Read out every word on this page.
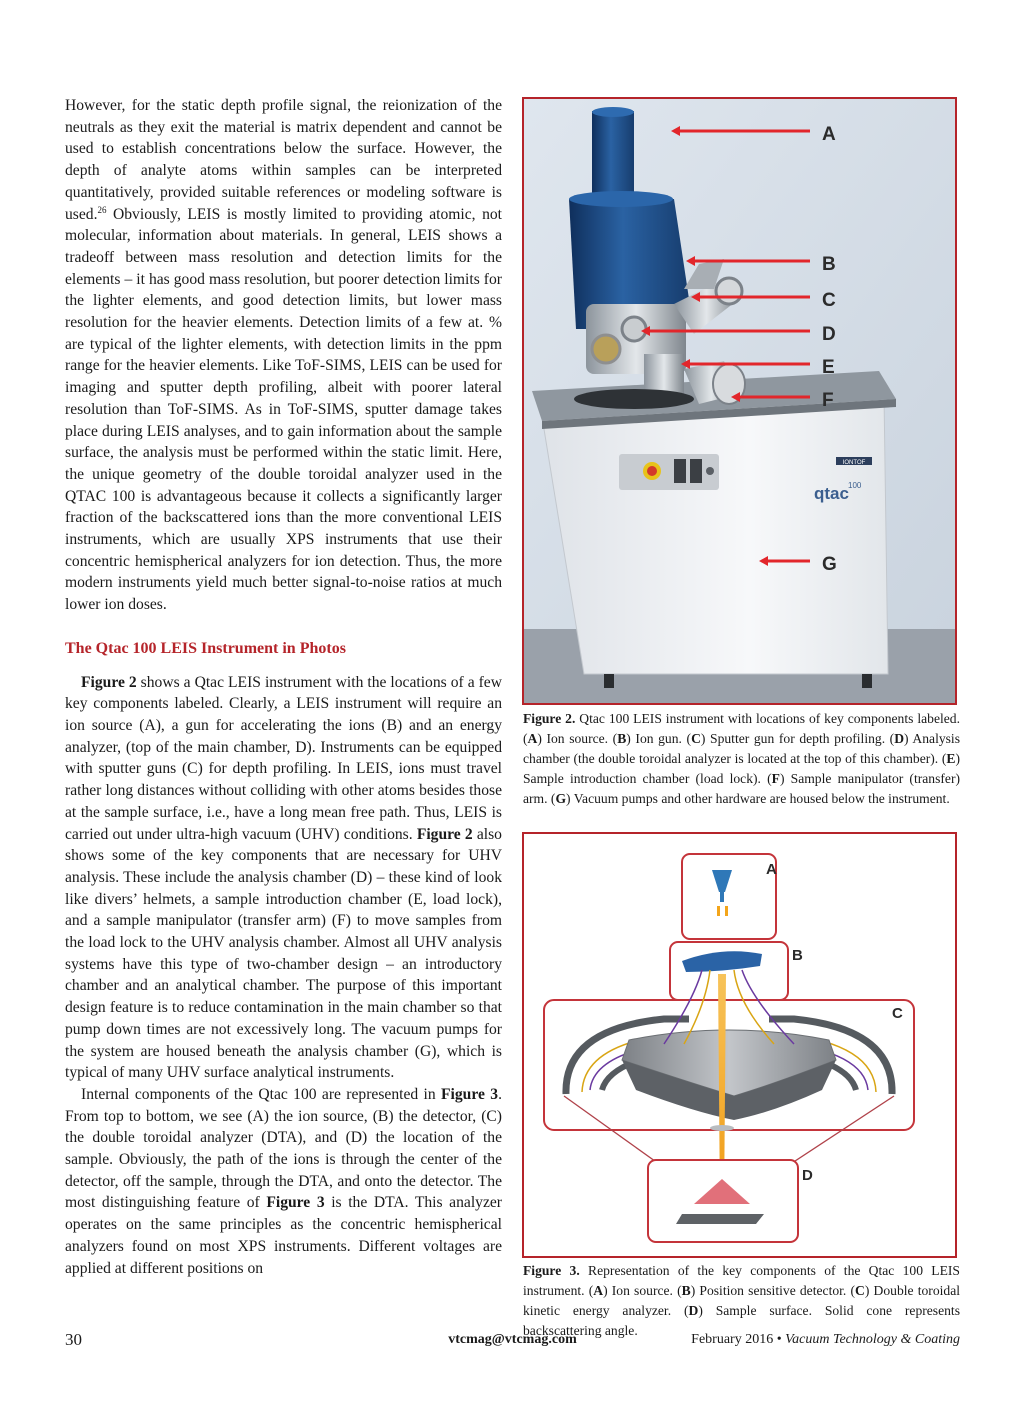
However, for the static depth profile signal, the reionization of the neutrals as they exit the material is matrix dependent and cannot be used to establish concentrations below the surface. However, the depth of analyte atoms within samples can be interpreted quantitatively, provided suitable references or modeling software is used.$^{26}$ Obviously, LEIS is mostly limited to providing atomic, not molecular, information about materials. In general, LEIS shows a tradeoff between mass resolution and detection limits for the elements – it has good mass resolution, but poorer detection limits for the lighter elements, and good detection limits, but lower mass resolution for the heavier elements. Detection limits of a few at. % are typical of the lighter elements, with detection limits in the ppm range for the heavier elements. Like ToF-SIMS, LEIS can be used for imaging and sputter depth profiling, albeit with poorer lateral resolution than ToF-SIMS. As in ToF-SIMS, sputter damage takes place during LEIS analyses, and to gain information about the sample surface, the analysis must be performed within the static limit. Here, the unique geometry of the double toroidal analyzer used in the QTAC 100 is advantageous because it collects a significantly larger fraction of the backscattered ions than the more conventional LEIS instruments, which are usually XPS instruments that use their concentric hemispherical analyzers for ion detection. Thus, the more modern instruments yield much better signal-to-noise ratios at much lower ion doses.

The Qtac 100 LEIS Instrument in Photos

Figure 2 shows a Qtac LEIS instrument with the locations of a few key components labeled. Clearly, a LEIS instrument will require an ion source (A), a gun for accelerating the ions (B) and an energy analyzer, (top of the main chamber, D). Instruments can be equipped with sputter guns (C) for depth profiling. In LEIS, ions must travel rather long distances without colliding with other atoms besides those at the sample surface, i.e., have a long mean free path. Thus, LEIS is carried out under ultra-high vacuum (UHV) conditions. Figure 2 also shows some of the key components that are necessary for UHV analysis. These include the analysis chamber (D) – these kind of look like divers’ helmets, a sample introduction chamber (E, load lock), and a sample manipulator (transfer arm) (F) to move samples from the load lock to the UHV analysis chamber. Almost all UHV analysis systems have this type of two-chamber design – an introductory chamber and an analytical chamber. The purpose of this important design feature is to reduce contamination in the main chamber so that pump down times are not excessively long. The vacuum pumps for the system are housed beneath the analysis chamber (G), which is typical of many UHV surface analytical instruments.

Internal components of the Qtac 100 are represented in Figure 3. From top to bottom, we see (A) the ion source, (B) the detector, (C) the double toroidal analyzer (DTA), and (D) the location of the sample. Obviously, the path of the ions is through the center of the detector, off the sample, through the DTA, and onto the detector. The most distinguishing feature of Figure 3 is the DTA. This analyzer operates on the same principles as the concentric hemispherical analyzers found on most XPS instruments. Different voltages are applied at different positions on

IONTOF
qtac 100
A
B
C
D
E
F
G
Figure 2. Qtac 100 LEIS instrument with locations of key components labeled. (A) Ion source. (B) Ion gun. (C) Sputter gun for depth profiling. (D) Analysis chamber (the double toroidal analyzer is located at the top of this chamber). (E) Sample introduction chamber (load lock). (F) Sample manipulator (transfer) arm. (G) Vacuum pumps and other hardware are housed below the instrument.
A
B
C
D
Figure 3. Representation of the key components of the Qtac 100 LEIS instrument. (A) Ion source. (B) Position sensitive detector. (C) Double toroidal kinetic energy analyzer. (D) Sample surface. Solid cone represents backscattering angle.
30	vtcmag@vtcmag.com	February 2016 • Vacuum Technology & Coating
